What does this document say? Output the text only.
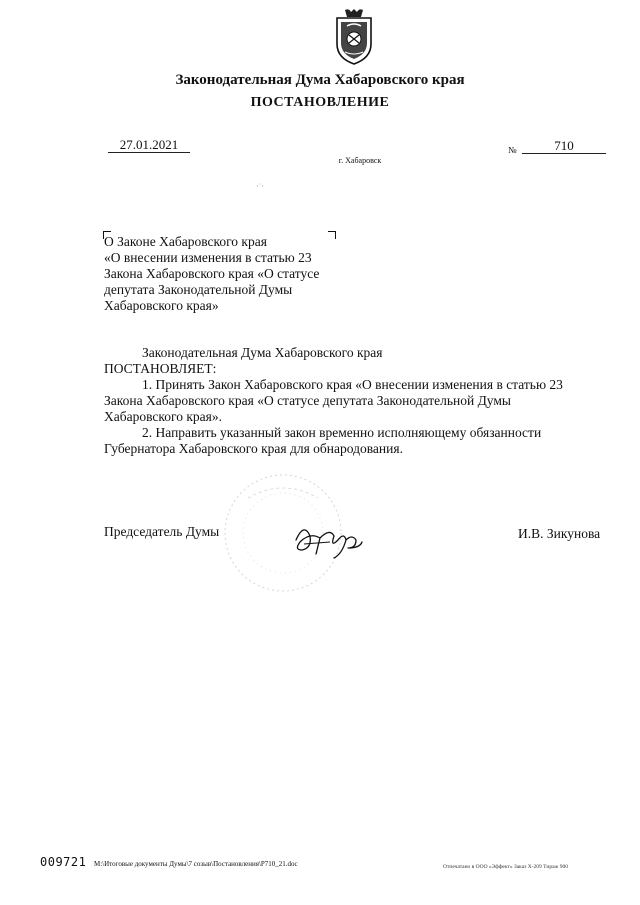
Законодательная Дума Хабаровского края
ПОСТАНОВЛЕНИЕ
27.01.2021	№	710
г. Хабаровск
·˙·
О Законе Хабаровского края
«О внесении изменения в статью 23
Закона Хабаровского края «О статусе
депутата Законодательной Думы
Хабаровского края»
Законодательная Дума Хабаровского края
ПОСТАНОВЛЯЕТ:
1. Принять Закон Хабаровского края «О внесении изменения в статью 23
Закона Хабаровского края «О статусе депутата Законодательной Думы
Хабаровского края».
2. Направить указанный закон временно исполняющему обязанности
Губернатора Хабаровского края для обнародования.
Председатель Думы	И.В. Зикунова
009721 M:\Итоговые документы Думы\7 созыв\Постановления\P710_21.doc	Отпечатано в ООО «Эффект» Заказ Х-209 Тираж 900
